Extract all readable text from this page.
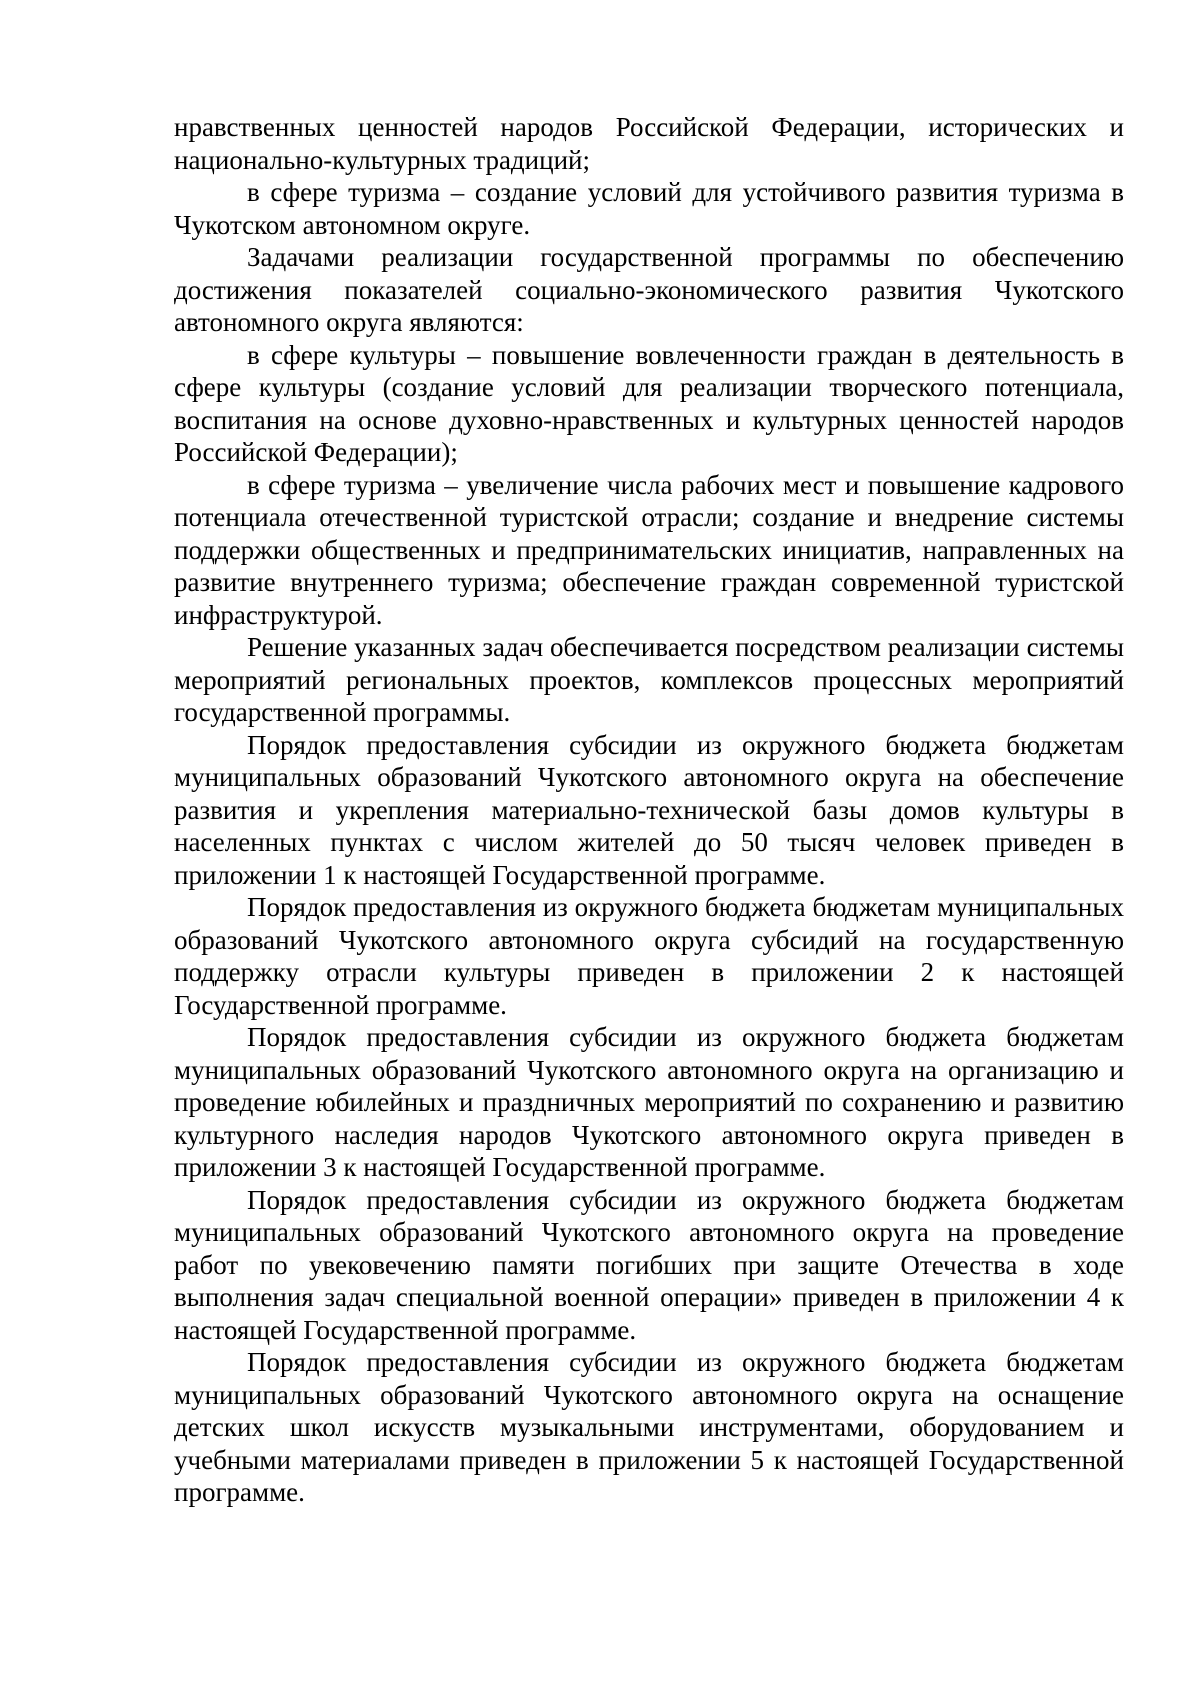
нравственных ценностей народов Российской Федерации, исторических и национально-культурных традиций;

в сфере туризма – создание условий для устойчивого развития туризма в Чукотском автономном округе.

Задачами реализации государственной программы по обеспечению достижения показателей социально-экономического развития Чукотского автономного округа являются:

в сфере культуры – повышение вовлеченности граждан в деятельность в сфере культуры (создание условий для реализации творческого потенциала, воспитания на основе духовно-нравственных и культурных ценностей народов Российской Федерации);

в сфере туризма – увеличение числа рабочих мест и повышение кадрового потенциала отечественной туристской отрасли; создание и внедрение системы поддержки общественных и предпринимательских инициатив, направленных на развитие внутреннего туризма; обеспечение граждан современной туристской инфраструктурой.

Решение указанных задач обеспечивается посредством реализации системы мероприятий региональных проектов, комплексов процессных мероприятий государственной программы.

Порядок предоставления субсидии из окружного бюджета бюджетам муниципальных образований Чукотского автономного округа на обеспечение развития и укрепления материально-технической базы домов культуры в населенных пунктах с числом жителей до 50 тысяч человек приведен в приложении 1 к настоящей Государственной программе.

Порядок предоставления из окружного бюджета бюджетам муниципальных образований Чукотского автономного округа субсидий на государственную поддержку отрасли культуры приведен в приложении 2 к настоящей Государственной программе.

Порядок предоставления субсидии из окружного бюджета бюджетам муниципальных образований Чукотского автономного округа на организацию и проведение юбилейных и праздничных мероприятий по сохранению и развитию культурного наследия народов Чукотского автономного округа приведен в приложении 3 к настоящей Государственной программе.

Порядок предоставления субсидии из окружного бюджета бюджетам муниципальных образований Чукотского автономного округа на проведение работ по увековечению памяти погибших при защите Отечества в ходе выполнения задач специальной военной операции» приведен в приложении 4 к настоящей Государственной программе.

Порядок предоставления субсидии из окружного бюджета бюджетам муниципальных образований Чукотского автономного округа на оснащение детских школ искусств музыкальными инструментами, оборудованием и учебными материалами приведен в приложении 5 к настоящей Государственной программе.
